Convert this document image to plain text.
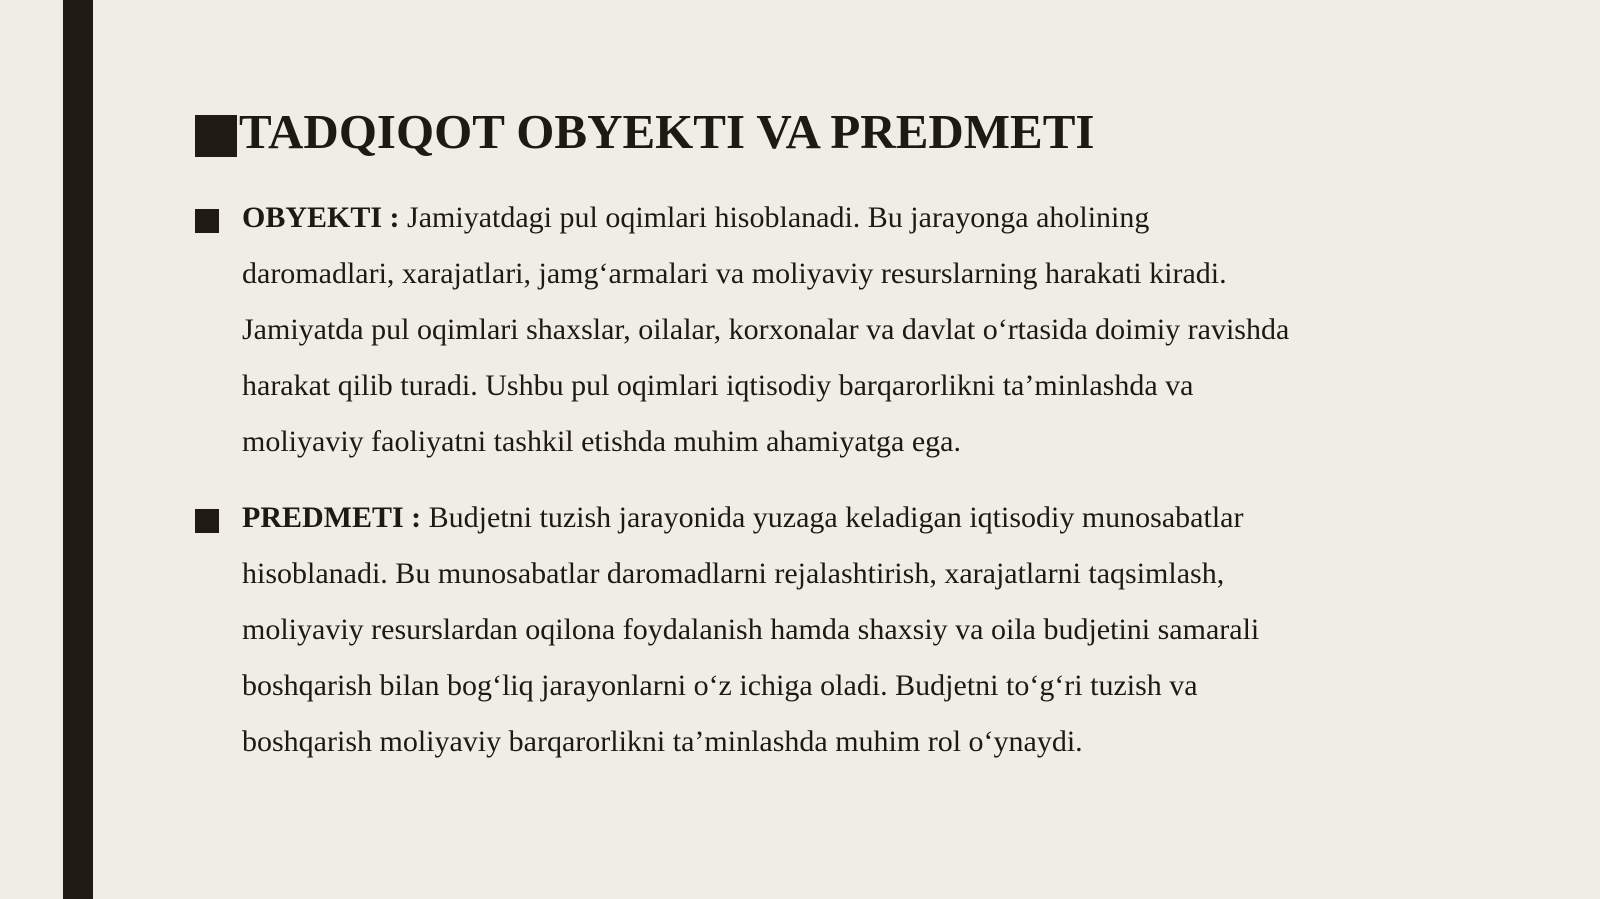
TADQIQOT OBYEKTI VA PREDMETI

OBYEKTI : Jamiyatdagi pul oqimlari hisoblanadi. Bu jarayonga aholining
daromadlari, xarajatlari, jamg‘armalari va moliyaviy resurslarning harakati kiradi.
Jamiyatda pul oqimlari shaxslar, oilalar, korxonalar va davlat o‘rtasida doimiy ravishda
harakat qilib turadi. Ushbu pul oqimlari iqtisodiy barqarorlikni ta’minlashda va
moliyaviy faoliyatni tashkil etishda muhim ahamiyatga ega.

PREDMETI : Budjetni tuzish jarayonida yuzaga keladigan iqtisodiy munosabatlar
hisoblanadi. Bu munosabatlar daromadlarni rejalashtirish, xarajatlarni taqsimlash,
moliyaviy resurslardan oqilona foydalanish hamda shaxsiy va oila budjetini samarali
boshqarish bilan bog‘liq jarayonlarni o‘z ichiga oladi. Budjetni to‘g‘ri tuzish va
boshqarish moliyaviy barqarorlikni ta’minlashda muhim rol o‘ynaydi.
